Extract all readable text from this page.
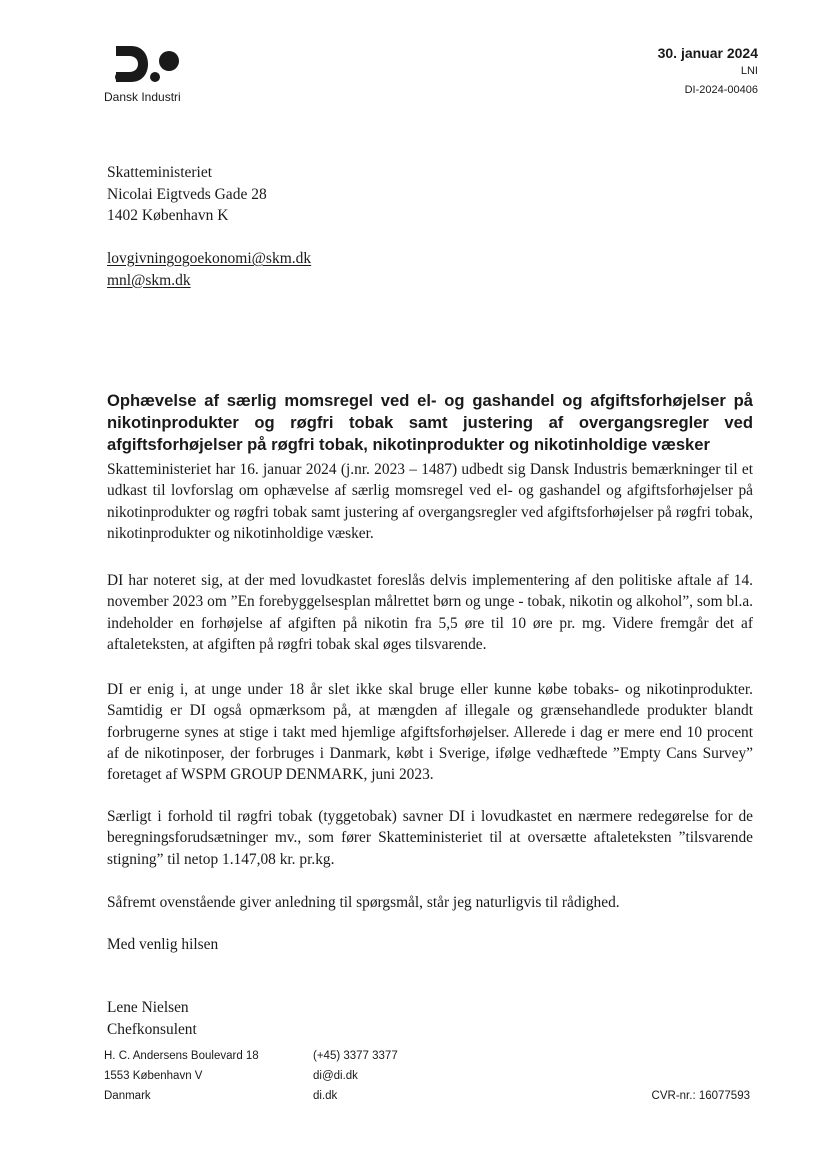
Dansk Industri
30. januar 2024
LNI
DI-2024-00406
Skatteministeriet
Nicolai Eigtveds Gade 28
1402 København K
lovgivningogoekonomi@skm.dk
mnl@skm.dk
Ophævelse af særlig momsregel ved el- og gashandel og afgiftsforhøjelser på nikotinprodukter og røgfri tobak samt justering af overgangsregler ved afgiftsforhøjelser på røgfri tobak, nikotinprodukter og nikotinholdige væsker
Skatteministeriet har 16. januar 2024 (j.nr. 2023 – 1487) udbedt sig Dansk Industris bemærkninger til et udkast til lovforslag om ophævelse af særlig momsregel ved el- og gashandel og afgiftsforhøjelser på nikotinprodukter og røgfri tobak samt justering af overgangsregler ved afgiftsforhøjelser på røgfri tobak, nikotinprodukter og nikotinholdige væsker.
DI har noteret sig, at der med lovudkastet foreslås delvis implementering af den politiske aftale af 14. november 2023 om ”En forebyggelsesplan målrettet børn og unge - tobak, nikotin og alkohol”, som bl.a. indeholder en forhøjelse af afgiften på nikotin fra 5,5 øre til 10 øre pr. mg. Videre fremgår det af aftaleteksten, at afgiften på røgfri tobak skal øges tilsvarende.
DI er enig i, at unge under 18 år slet ikke skal bruge eller kunne købe tobaks- og nikotinprodukter. Samtidig er DI også opmærksom på, at mængden af illegale og grænsehandlede produkter blandt forbrugerne synes at stige i takt med hjemlige afgiftsforhøjelser. Allerede i dag er mere end 10 procent af de nikotinposer, der forbruges i Danmark, købt i Sverige, ifølge vedhæftede ”Empty Cans Survey” foretaget af WSPM GROUP DENMARK, juni 2023.
Særligt i forhold til røgfri tobak (tyggetobak) savner DI i lovudkastet en nærmere redegørelse for de beregningsforudsætninger mv., som fører Skatteministeriet til at oversætte aftaleteksten ”tilsvarende stigning” til netop 1.147,08 kr. pr.kg.
Såfremt ovenstående giver anledning til spørgsmål, står jeg naturligvis til rådighed.
Med venlig hilsen
Lene Nielsen
Chefkonsulent
H. C. Andersens Boulevard 18
1553 København V
Danmark
(+45) 3377 3377
di@di.dk
di.dk	CVR-nr.: 16077593
